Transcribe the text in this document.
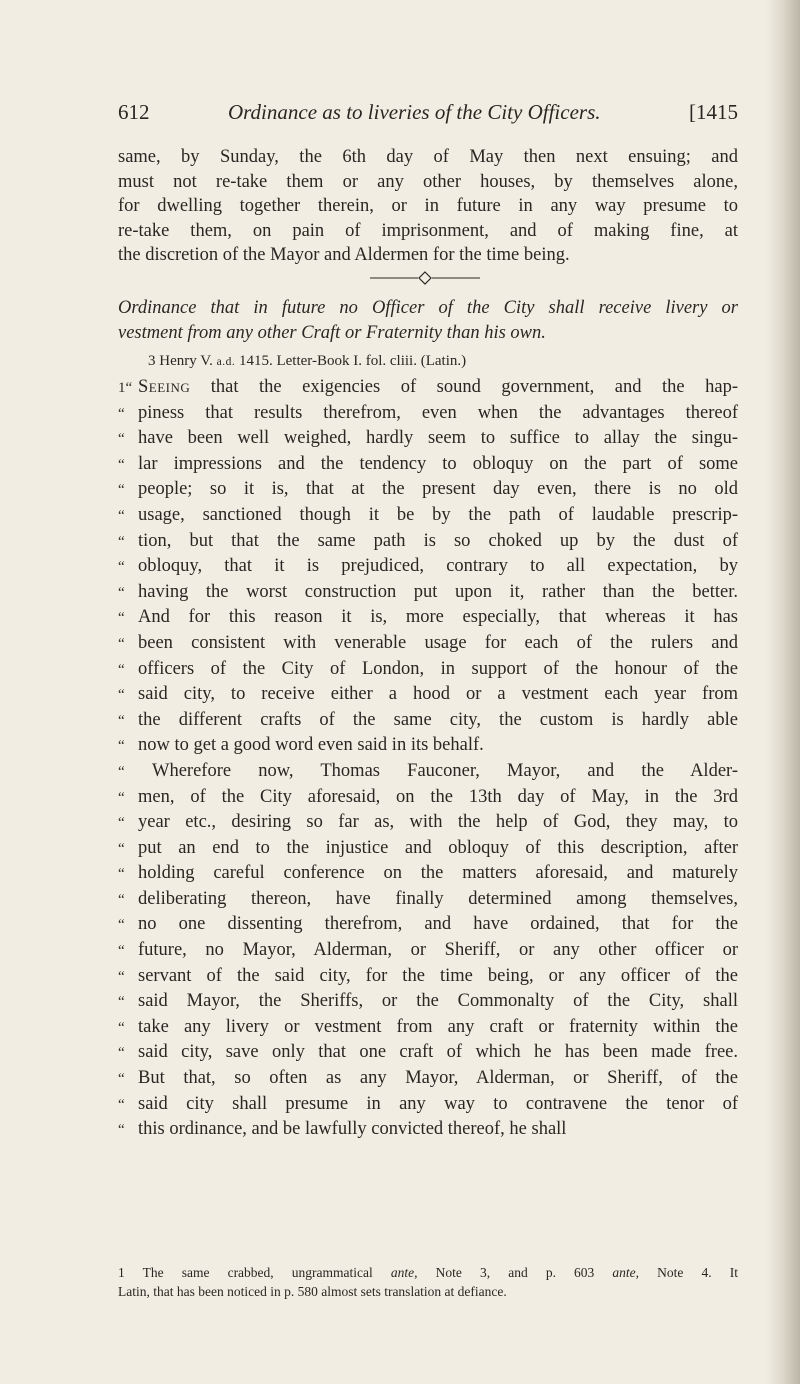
612	Ordinance as to liveries of the City Officers.	[1415
same, by Sunday, the 6th day of May then next ensuing; and
must not re-take them or any other houses, by themselves alone,
for dwelling together therein, or in future in any way presume to
re-take them, on pain of imprisonment, and of making fine, at
the discretion of the Mayor and Aldermen for the time being.
Ordinance that in future no Officer of the City shall receive livery or
vestment from any other Craft or Fraternity than his own.
3 Henry V. a.d. 1415. Letter-Book I. fol. cliii. (Latin.)
1“ Seeing that the exigencies of sound government, and the hap-
“ piness that results therefrom, even when the advantages thereof
“ have been well weighed, hardly seem to suffice to allay the singu-
“ lar impressions and the tendency to obloquy on the part of some
“ people; so it is, that at the present day even, there is no old
“ usage, sanctioned though it be by the path of laudable prescrip-
“ tion, but that the same path is so choked up by the dust of
“ obloquy, that it is prejudiced, contrary to all expectation, by
“ having the worst construction put upon it, rather than the better.
“ And for this reason it is, more especially, that whereas it has
“ been consistent with venerable usage for each of the rulers and
“ officers of the City of London, in support of the honour of the
“ said city, to receive either a hood or a vestment each year from
“ the different crafts of the same city, the custom is hardly able
“ now to get a good word even said in its behalf.
“ Wherefore now, Thomas Fauconer, Mayor, and the Alder-
“ men, of the City aforesaid, on the 13th day of May, in the 3rd
“ year etc., desiring so far as, with the help of God, they may, to
“ put an end to the injustice and obloquy of this description, after
“ holding careful conference on the matters aforesaid, and maturely
“ deliberating thereon, have finally determined among themselves,
“ no one dissenting therefrom, and have ordained, that for the
“ future, no Mayor, Alderman, or Sheriff, or any other officer or
“ servant of the said city, for the time being, or any officer of the
“ said Mayor, the Sheriffs, or the Commonalty of the City, shall
“ take any livery or vestment from any craft or fraternity within the
“ said city, save only that one craft of which he has been made free.
“ But that, so often as any Mayor, Alderman, or Sheriff, of the
“ said city shall presume in any way to contravene the tenor of
“ this ordinance, and be lawfully convicted thereof, he shall
1 The same crabbed, ungrammatical ante, Note 3, and p. 603 ante, Note 4. It
Latin, that has been noticed in p. 580 almost sets translation at defiance.
